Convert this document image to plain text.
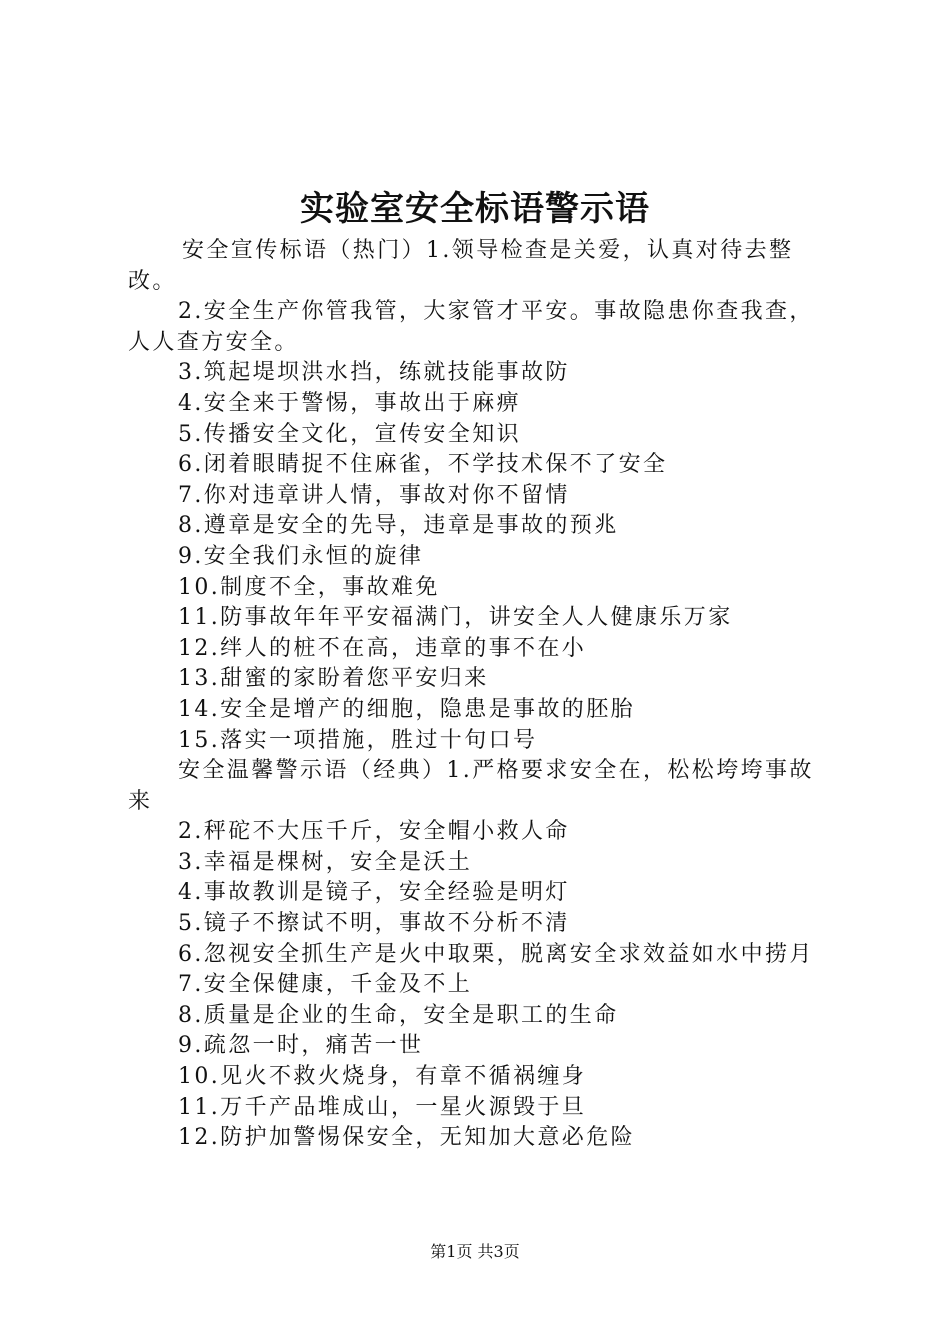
实验室安全标语警示语

安全宣传标语（热门）1.领导检查是关爱，认真对待去整改。

2.安全生产你管我管，大家管才平安。事故隐患你查我查，人人查方安全。

3.筑起堤坝洪水挡，练就技能事故防

4.安全来于警惕，事故出于麻痹

5.传播安全文化，宣传安全知识

6.闭着眼睛捉不住麻雀，不学技术保不了安全

7.你对违章讲人情，事故对你不留情

8.遵章是安全的先导，违章是事故的预兆

9.安全我们永恒的旋律

10.制度不全，事故难免

11.防事故年年平安福满门，讲安全人人健康乐万家

12.绊人的桩不在高，违章的事不在小

13.甜蜜的家盼着您平安归来

14.安全是增产的细胞，隐患是事故的胚胎

15.落实一项措施，胜过十句口号

安全温馨警示语（经典）1.严格要求安全在，松松垮垮事故来

2.秤砣不大压千斤，安全帽小救人命

3.幸福是棵树，安全是沃土

4.事故教训是镜子，安全经验是明灯

5.镜子不擦试不明，事故不分析不清

6.忽视安全抓生产是火中取栗，脱离安全求效益如水中捞月

7.安全保健康，千金及不上

8.质量是企业的生命，安全是职工的生命

9.疏忽一时，痛苦一世

10.见火不救火烧身，有章不循祸缠身

11.万千产品堆成山，一星火源毁于旦

12.防护加警惕保安全，无知加大意必危险

第1页 共3页
